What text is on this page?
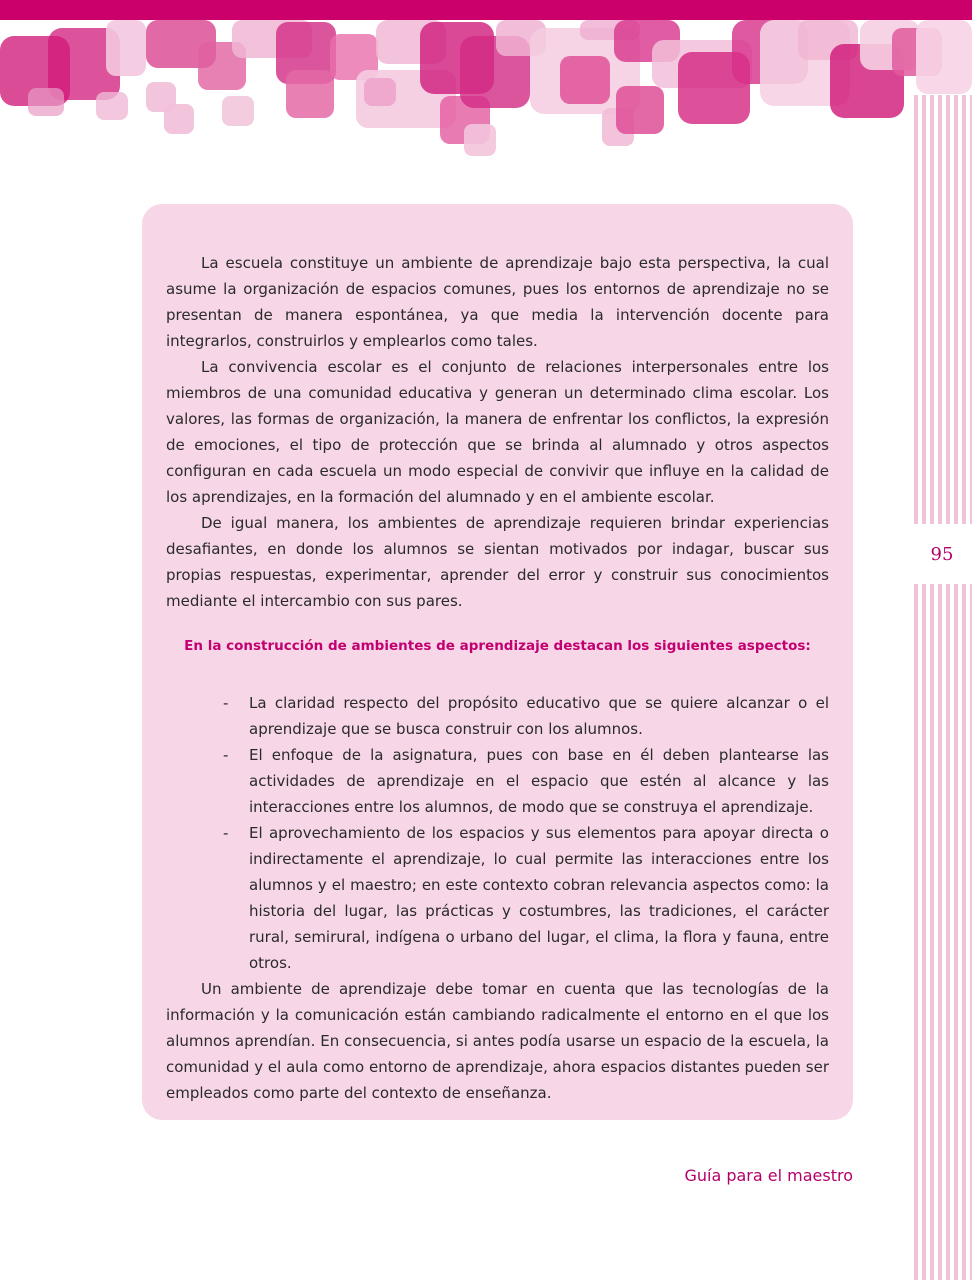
95

La escuela constituye un ambiente de aprendizaje bajo esta perspectiva, la cual asume la organización de espacios comunes, pues los entornos de aprendizaje no se presentan de manera espontánea, ya que media la intervención docente para integrarlos, construirlos y emplearlos como tales.

La convivencia escolar es el conjunto de relaciones interpersonales entre los miembros de una comunidad educativa y generan un determinado clima escolar. Los valores, las formas de organización, la manera de enfrentar los conflictos, la expresión de emociones, el tipo de protección que se brinda al alumnado y otros aspectos configuran en cada escuela un modo especial de convivir que influye en la calidad de los aprendizajes, en la formación del alumnado y en el ambiente escolar.

De igual manera, los ambientes de aprendizaje requieren brindar experiencias desafiantes, en donde los alumnos se sientan motivados por indagar, buscar sus propias respuestas, experimentar, aprender del error y construir sus conocimientos mediante el intercambio con sus pares.

En la construcción de ambientes de aprendizaje destacan los siguientes aspectos:

- La claridad respecto del propósito educativo que se quiere alcanzar o el aprendizaje que se busca construir con los alumnos.
- El enfoque de la asignatura, pues con base en él deben plantearse las actividades de aprendizaje en el espacio que estén al alcance y las interacciones entre los alumnos, de modo que se construya el aprendizaje.
- El aprovechamiento de los espacios y sus elementos para apoyar directa o indirectamente el aprendizaje, lo cual permite las interacciones entre los alumnos y el maestro; en este contexto cobran relevancia aspectos como: la historia del lugar, las prácticas y costumbres, las tradiciones, el carácter rural, semirural, indígena o urbano del lugar, el clima, la flora y fauna, entre otros.

Un ambiente de aprendizaje debe tomar en cuenta que las tecnologías de la información y la comunicación están cambiando radicalmente el entorno en el que los alumnos aprendían. En consecuencia, si antes podía usarse un espacio de la escuela, la comunidad y el aula como entorno de aprendizaje, ahora espacios distantes pueden ser empleados como parte del contexto de enseñanza.

Guía para el maestro
